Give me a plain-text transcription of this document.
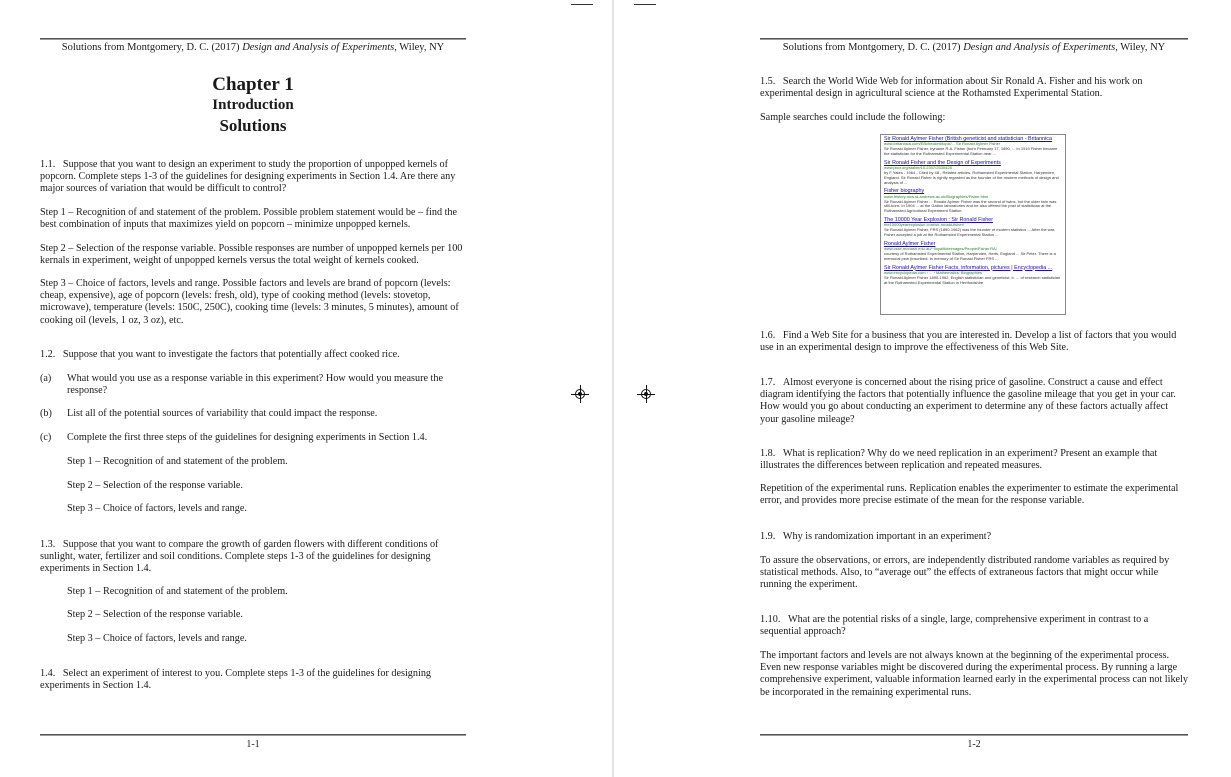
Solutions from Montgomery, D. C. (2017) Design and Analysis of Experiments, Wiley, NY
Chapter 1
Introduction
Solutions

1.1. Suppose that you want to design an experiment to study the proportion of unpopped kernels of popcorn. Complete steps 1-3 of the guidelines for designing experiments in Section 1.4. Are there any major sources of variation that would be difficult to control?

Step 1 – Recognition of and statement of the problem. Possible problem statement would be – find the best combination of inputs that maximizes yield on popcorn – minimize unpopped kernels.

Step 2 – Selection of the response variable. Possible responses are number of unpopped kernels per 100 kernals in experiment, weight of unpopped kernels versus the total weight of kernels cooked.

Step 3 – Choice of factors, levels and range. Possible factors and levels are brand of popcorn (levels: cheap, expensive), age of popcorn (levels: fresh, old), type of cooking method (levels: stovetop, microwave), temperature (levels: 150C, 250C), cooking time (levels: 3 minutes, 5 minutes), amount of cooking oil (levels, 1 oz, 3 oz), etc.

1.2. Suppose that you want to investigate the factors that potentially affect cooked rice.

(a) What would you use as a response variable in this experiment? How would you measure the response?
(b) List all of the potential sources of variability that could impact the response.
(c) Complete the first three steps of the guidelines for designing experiments in Section 1.4.

Step 1 – Recognition of and statement of the problem.

Step 2 – Selection of the response variable.

Step 3 – Choice of factors, levels and range.

1.3. Suppose that you want to compare the growth of garden flowers with different conditions of sunlight, water, fertilizer and soil conditions. Complete steps 1-3 of the guidelines for designing experiments in Section 1.4.

Step 1 – Recognition of and statement of the problem.

Step 2 – Selection of the response variable.

Step 3 – Choice of factors, levels and range.

1.4. Select an experiment of interest to you. Complete steps 1-3 of the guidelines for designing experiments in Section 1.4.

1-1
Solutions from Montgomery, D. C. (2017) Design and Analysis of Experiments, Wiley, NY

1.5. Search the World Wide Web for information about Sir Ronald A. Fisher and his work on experimental design in agricultural science at the Rothamsted Experimental Station.

Sample searches could include the following:

Sir Ronald Aylmer Fisher (British geneticist and statistician - Britannica
www.britannica.com/EBchecked/topic/... Sir Ronald Aylmer Fisher
Sir Ronald Aylmer Fisher, byname R.A. Fisher (born February 17, 1890, ... In 1919 Fisher became the statistician for the Rothamsted Experimental Station near ...
Sir Ronald Fisher and the Design of Experiments
www.jstor.org/stable/10.2307/2530428
by F Yates - 1964 - Cited by 48 - Related articles. Rothamsted Experimental Station, Harpenden, England. Sir Ronald Fisher is rightly regarded as the founder of the modern methods of design and analysis of ...
Fisher biography
www-history.mcs.st-andrews.ac.uk/Biographies/Fisher.html
Sir Ronald Aylmer Fisher ... Ronald Aylmer Fisher was the second of twins, but the older twin was still-born. In 1904 ... at the Galton laboratories and he also offered the post of statistician at the Rothamsted Agricultural Experiment Station.
The 10000 Year Explosion : Sir Ronald Fisher
the10000yearexplosion.com/sir-ronald-fisher/
Sir Ronald Aylmer Fisher, FRS (1890-1962) was the founder of modern statistics ... After the war, Fisher accepted a job at the Rothamsted Experimental Station ...
Ronald Aylmer Fisher
www.csse.monash.edu.au/~lloyd/tildeimages/People/Fisher.RA/
courtesy of Rothamsted Experimental Station, Harpenden, Herts, England ... Sir Peter. There is a memorial pew (inscribed: In memory of Sir Ronald Fisher FRS ...
Sir Ronald Aylmer Fisher Facts, information, pictures | Encyclopedia ...
www.encyclopedia.com › ... › Mathematics: Biographies
Sir Ronald Aylmer Fisher 1890-1962, English statistician and geneticist, b. ... of research statistician at the Rothamsted Experimental Station in Hertfordshire

1.6. Find a Web Site for a business that you are interested in. Develop a list of factors that you would use in an experimental design to improve the effectiveness of this Web Site.

1.7. Almost everyone is concerned about the rising price of gasoline. Construct a cause and effect diagram identifying the factors that potentially influence the gasoline mileage that you get in your car. How would you go about conducting an experiment to determine any of these factors actually affect your gasoline mileage?

1.8. What is replication? Why do we need replication in an experiment? Present an example that illustrates the differences between replication and repeated measures.

Repetition of the experimental runs. Replication enables the experimenter to estimate the experimental error, and provides more precise estimate of the mean for the response variable.

1.9. Why is randomization important in an experiment?

To assure the observations, or errors, are independently distributed randome variables as required by statistical methods. Also, to “average out” the effects of extraneous factors that might occur while running the experiment.

1.10. What are the potential risks of a single, large, comprehensive experiment in contrast to a sequential approach?

The important factors and levels are not always known at the beginning of the experimental process. Even new response variables might be discovered during the experimental process. By running a large comprehensive experiment, valuable information learned early in the experimental process can not likely be incorporated in the remaining experimental runs.

1-2
